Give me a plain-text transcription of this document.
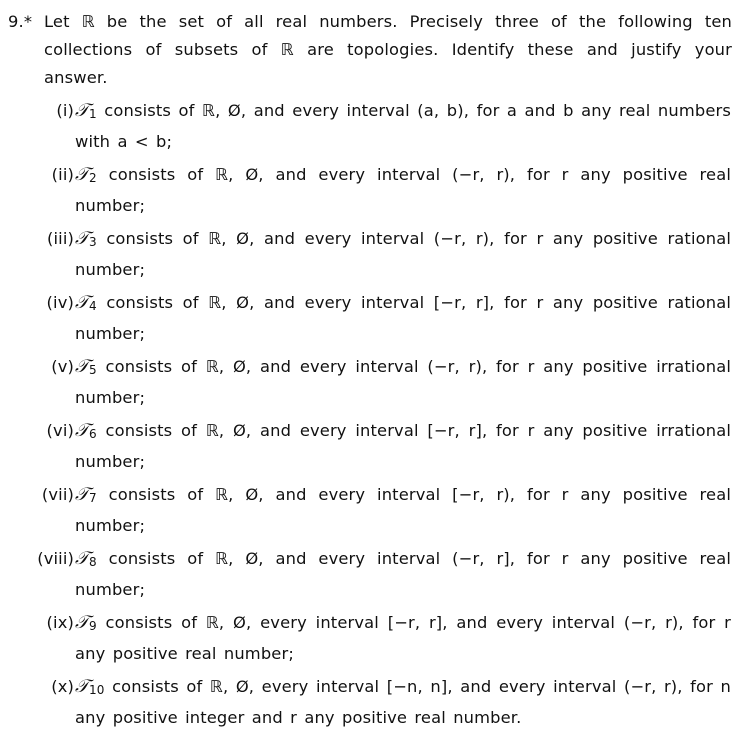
9.* Let ℝ be the set of all real numbers. Precisely three of the following ten collections of subsets of ℝ are topologies. Identify these and justify your answer.
(i) 𝒯$_1$ consists of ℝ, Ø, and every interval (a, b), for a and b any real numbers with a < b;
(ii) 𝒯$_2$ consists of ℝ, Ø, and every interval (−r, r), for r any positive real number;
(iii) 𝒯$_3$ consists of ℝ, Ø, and every interval (−r, r), for r any positive rational number;
(iv) 𝒯$_4$ consists of ℝ, Ø, and every interval [−r, r], for r any positive rational number;
(v) 𝒯$_5$ consists of ℝ, Ø, and every interval (−r, r), for r any positive irrational number;
(vi) 𝒯$_6$ consists of ℝ, Ø, and every interval [−r, r], for r any positive irrational number;
(vii) 𝒯$_7$ consists of ℝ, Ø, and every interval [−r, r), for r any positive real number;
(viii) 𝒯$_8$ consists of ℝ, Ø, and every interval (−r, r], for r any positive real number;
(ix) 𝒯$_9$ consists of ℝ, Ø, every interval [−r, r], and every interval (−r, r), for r any positive real number;
(x) 𝒯$_{10}$ consists of ℝ, Ø, every interval [−n, n], and every interval (−r, r), for n any positive integer and r any positive real number.
